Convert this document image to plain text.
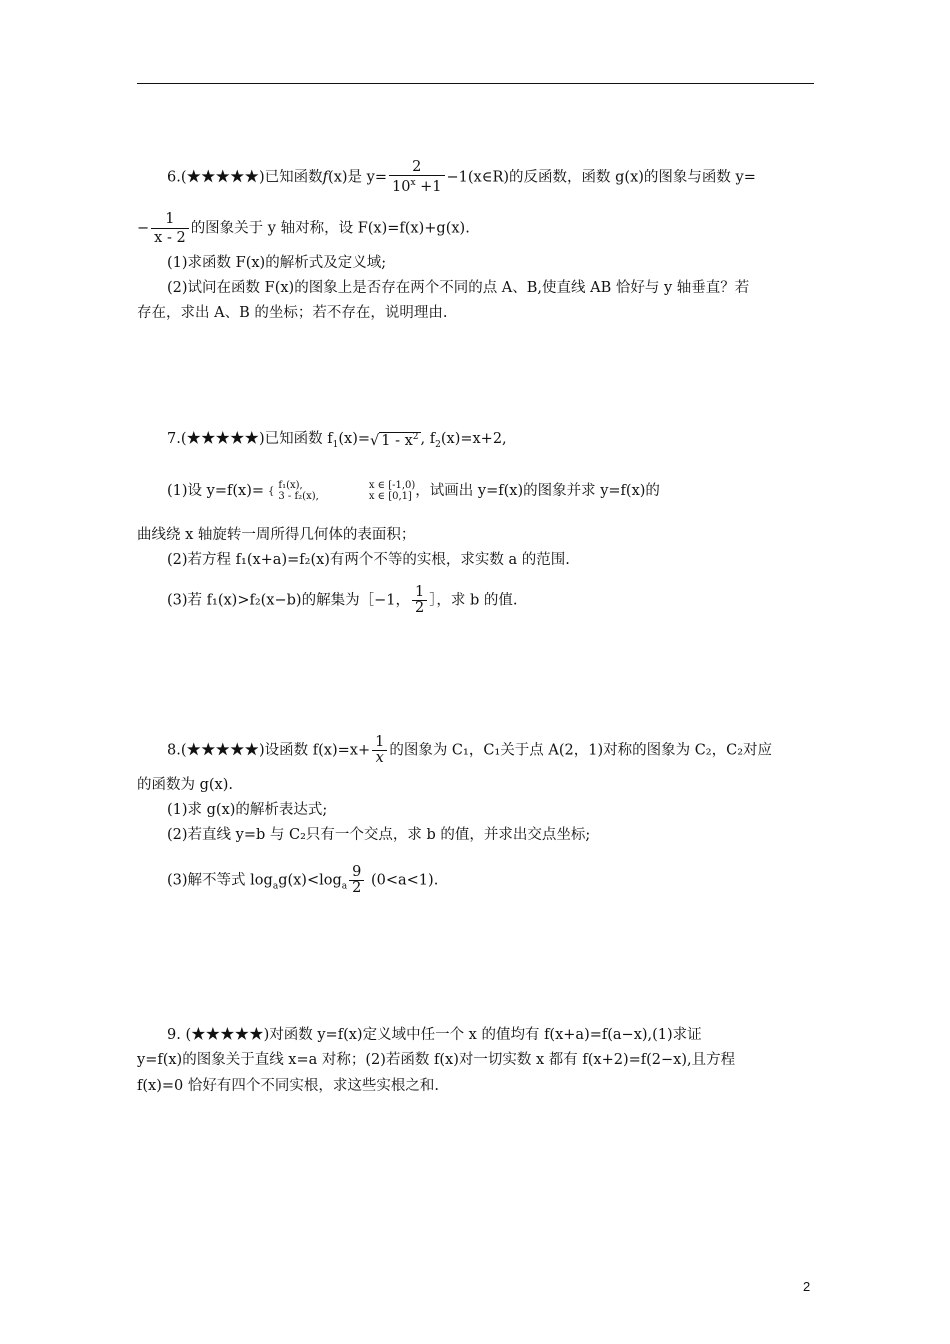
6.(★★★★★)已知函数f(x)是 $y= \frac{2}{10^x +1}$ −1(x∈R)的反函数，函数 g(x)的图象与函数 y=
− $\frac{1}{x - 2}$ 的图象关于 y 轴对称，设 F(x)=f(x)+g(x).
(1)求函数 F(x)的解析式及定义域;
(2)试问在函数 F(x)的图象上是否存在两个不同的点 A、B,使直线 AB 恰好与 y 轴垂直？若
存在，求出 A、B 的坐标；若不存在，说明理由.
7.(★★★★★)已知函数 $f_1(x)=√$ $1 - x^2$ , $f_2(x)=x+2$,
(1)设 y=f(x)= { f₁(x),
3 - f₂(x),x ∈ [-1,0)
x ∈ [0,1] ，试画出 y=f(x)的图象并求 y=f(x)的
曲线绕 x 轴旋转一周所得几何体的表面积；
(2)若方程 f₁(x+a)=f₂(x)有两个不等的实根，求实数 a 的范围.
(3)若 f₁(x)>f₂(x−b)的解集为［−1， $\frac{1}{2}$ ］，求 b 的值.
8.(★★★★★)设函数 $f(x)=x+ \frac{1}{x}$ 的图象为 C₁，C₁关于点 A(2，1)对称的图象为 C₂，C₂对应
的函数为 g(x).
(1)求 g(x)的解析表达式;
(2)若直线 y=b 与 C₂只有一个交点，求 b 的值，并求出交点坐标;
(3)解不等式 $\log_ag(x)<\log_a \frac{9}{2} (0<a<1)$.
9. (★★★★★)对函数 y=f(x)定义域中任一个 x 的值均有 f(x+a)=f(a−x),(1)求证
y=f(x)的图象关于直线 x=a 对称；(2)若函数 f(x)对一切实数 x 都有 f(x+2)=f(2−x),且方程
f(x)=0 恰好有四个不同实根，求这些实根之和.
2
